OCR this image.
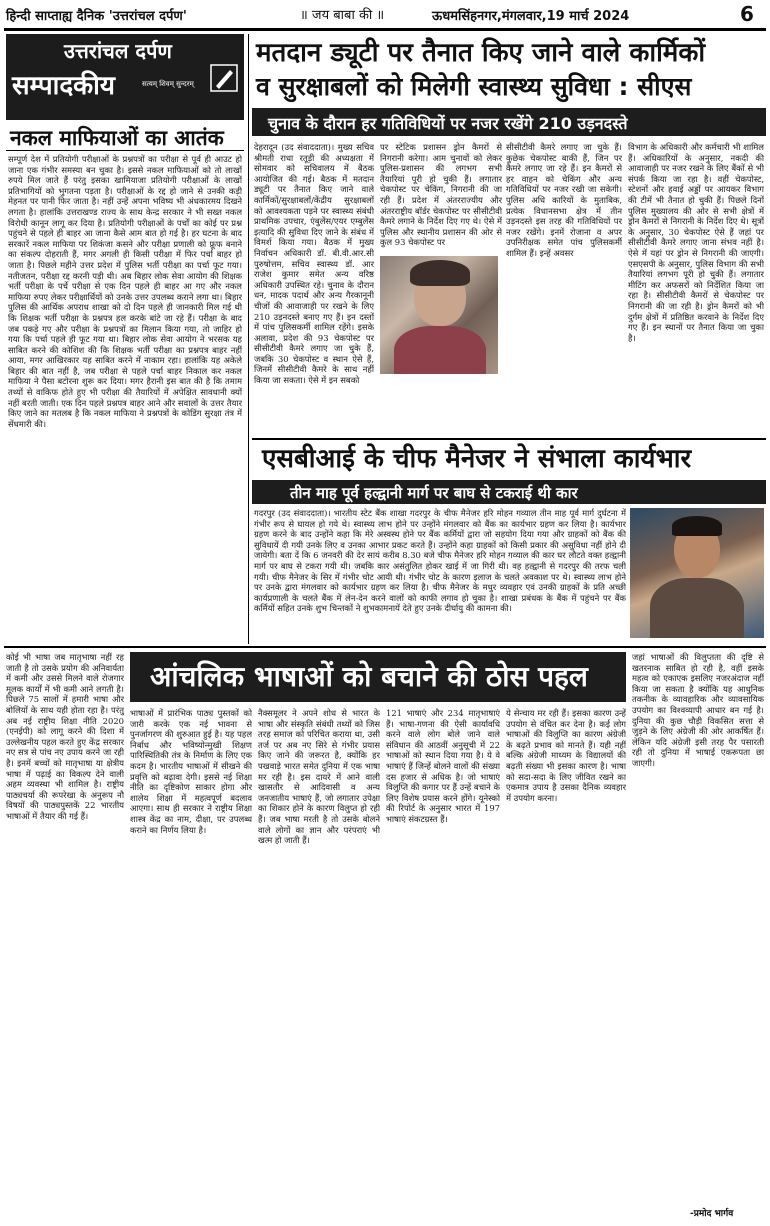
हिन्दी साप्ताह्य दैनिक 'उत्तरांचल दर्पण'	॥ जय बाबा की ॥	ऊधमसिंहनगर,मंगलवार,19 मार्च 2024	6
उत्तरांचल दर्पण
सम्पादकीय	सत्यम् शिवम् सुन्दरम्
नकल माफियाओं का आतंक
सम्पूर्ण देश में प्रतियोगी परीक्षाओं के प्रश्नपत्रों का परीक्षा से पूर्व ही आउट हो जाना एक गंभीर समस्या बन चुका है। इससे नकल माफियाओं को तो लाखों रुपये मिल जाते हैं परंतु इसका खामियाजा प्रतियोगी परीक्षाओं के लाखों प्रतिभागियों को भुगतना पड़ता है। परीक्षाओं के रद्द हो जाने से उनकी कड़ी मेहनत पर पानी फिर जाता है। नहीं उन्हें अपना भविष्य भी अंधकारमय दिखने लगता है। हालांकि उत्तराखण्ड राज्य के साथ केन्द्र सरकार ने भी सख्त नकल विरोधी कानून लागू कर दिया है। प्रतियोगी परीक्षाओं के पर्चों का कोई पर प्रश्न पहुंचने से पहले ही बाहर आ जाना कैसे आम बात हो गई है। हर घटना के बाद सरकारें नकल माफिया पर शिकंजा कसने और परीक्षा प्रणाली को फ्रूफ बनाने का संकल्प दोहराती हैं, मगर अगली ही किसी परीक्षा में फिर पर्चा बाहर हो जाता है। पिछले महीने उत्तर प्रदेश में पुलिस भर्ती परीक्षा का पर्चा फूट गया। नतीजतन, परीक्षा रद्द करनी पड़ी थी। अब बिहार लोक सेवा आयोग की शिक्षक भर्ती परीक्षा के पर्चे परीक्षा से एक दिन पहले ही बाहर आ गए और नकल माफिया रुपए लेकर परीक्षार्थियों को उनके उत्तर उपलब्ध कराने लगा था। बिहार पुलिस की आर्थिक अपराध शाखा को दो दिन पहले ही जानकारी मिल गई थी कि शिक्षक भर्ती परीक्षा के प्रश्नपत्र हल करके बांटे जा रहे हैं। परीक्षा के बाद जब पकड़े गए और परीक्षा के प्रश्नपत्रों का मिलान किया गया, तो जाहिर हो गया कि पर्चा पहले ही फूट गया था। बिहार लोक सेवा आयोग ने भरसक यह साबित करने की कोशिश की कि शिक्षक भर्ती परीक्षा का प्रश्नपत्र बाहर नहीं आया, मगर आखिरकार यह साबित करने में नाकाम रहा। हालांकि यह अकेले बिहार की बात नहीं है, जब परीक्षा से पहले पर्चा बाहर निकाल कर नकल माफिया ने पैसा बटोरना शुरू कर दिया। मगर हैरानी इस बात की है कि तमाम तथ्यों से वाकिफ होते हुए भी परीक्षा की तैयारियों में अपेक्षित सावधानी क्यों नहीं बरती जाती। एक दिन पहले प्रश्नपत्र बाहर आने और सवालों के उत्तर तैयार किए जाने का मतलब है कि नकल माफिया ने प्रश्नपत्रों के कोडिंग सुरक्षा तंत्र में सेंधमारी की।
मतदान ड्यूटी पर तैनात किए जाने वाले कार्मिकों
व सुरक्षाबलों को मिलेगी स्वास्थ्य सुविधा : सीएस
चुनाव के दौरान हर गतिविधियों पर नजर रखेंगे 210 उड़नदस्ते
देहरादून (उद संवाददाता)। मुख्य सचिव श्रीमती राधा रतूड़ी की अध्यक्षता में सोमवार को सचिवालय में बैठक आयोजित की गई। बैठक में मतदान ड्यूटी पर तैनात किए जाने वाले कार्मिकों/सुरक्षाबलों/केंद्रीय सुरक्षाबलों को आवश्यकता पड़ने पर स्वास्थ्य संबंधी प्राथमिक उपचार, एंबुलेंस/एयर एम्बुलेंस इत्यादि की सुविधा दिए जाने के संबंध में विमर्श किया गया। बैठक में मुख्य निर्वाचन अधिकारी डॉ. बी.वी.आर.सी पुरुषोत्तम, सचिव स्वास्थ्य डॉ. आर राजेश कुमार समेत अन्य वरिष्ठ अधिकारी उपस्थित रहे। चुनाव के दौरान धन, मादक पदार्थ और अन्य गैरकानूनी चीजों की आवाजाही पर रखने के लिए 210 उड़नदस्ते बनाए गए हैं। इन दस्तों में पांच पुलिसकर्मी शामिल रहेंगे। इसके अलावा, प्रदेश की 93 चेकपोस्ट पर सीसीटीवी कैमरे लगाए जा चुके हैं, जबकि 30 चेकपोस्ट व स्थान ऐसे हैं, जिनमें सीसीटीवी कैमरे के साथ नहीं किया जा सकता। ऐसे में इन सबको
पर स्टेटिक प्रशासन ड्रोन कैमरों से निगरानी करेगा। आम चुनावों को लेकर पुलिस-प्रशासन की लगभग सभी तैयारियां पूरी हो चुकी हैं। लगातार चेकपोस्ट पर चेकिंग, निगरानी की जा रही हैं। प्रदेश में अंतरराज्यीय और अंतरराष्ट्रीय बॉर्डर चेकपोस्ट पर सीसीटीवी कैमरे लगाने के निर्देश दिए गए थे। ऐसे में पुलिस और स्थानीय प्रशासन की ओर से कुल 93 चेकपोस्ट पर
सीसीटीवी कैमरे लगाए जा चुके हैं। कुछेक चेकपोस्ट बाकी हैं, जिन पर कैमरे लगाए जा रहे हैं। इन कैमरों से हर वाहन को चेकिंग और अन्य गतिविधियों पर नजर रखी जा सकेगी। पुलिस अधि कारियों के मुताबिक, प्रत्येक विधानसभा क्षेत्र में तीन उड़नदस्ते इस तरह की गतिविधियों पर नजर रखेंगे। इनमें रोजाना व अपर उपनिरीक्षक समेत पांच पुलिसकर्मी शामिल हैं। इन्हें अवसर
विभाग के अधिकारी और कर्मचारी भी शामिल हैं। अधिकारियों के अनुसार, नकदी की आवाजाही पर नजर रखने के लिए बैंकों से भी संपर्क किया जा रहा है। वहीं चेकपोस्ट, स्टेशनों और हवाई अड्डों पर आयकर विभाग की टीमें भी तैनात हो चुकी हैं। पिछले दिनों पुलिस मुख्यालय की ओर से सभी क्षेत्रों में ड्रोन कैमरों से निगरानी के निर्देश दिए थे। सूत्रों के अनुसार, 30 चेकपोस्ट ऐसे हैं जहां पर सीसीटीवी कैमरे लगाए जाना संभव नहीं है। ऐसे में यहां पर ड्रोन से निगरानी की जाएगी। एसएसपी के अनुसार, पुलिस विभाग की सभी तैयारियां लगभग पूरी हो चुकी हैं। लगातार मीटिंग कर अफसरों को निर्देशित किया जा रहा है। सीसीटीवी कैमरों से चेकपोस्ट पर निगरानी की जा रही है। ड्रोन कैमरों को भी दुर्गम क्षेत्रों में प्रतिष्ठित करवाने के निर्देश दिए गए हैं। इन स्थानों पर तैनात किया जा चुका है।
एसबीआई के चीफ मैनेजर ने संभाला कार्यभार
तीन माह पूर्व हल्द्वानी मार्ग पर बाघ से टकराई थी कार
गदरपुर (उद संवाददाता)। भारतीय स्टेट बैंक शाखा गदरपुर के चीफ मैनेजर हरि मोहन गव्याल तीन माह पूर्व मार्ग दुर्घटना में गंभीर रूप से घायल हो गये थे। स्वास्थ्य लाभ होने पर उन्होंने मंगलवार को बैंक का कार्यभार ग्रहण कर लिया है। कार्यभार ग्रहण करने के बाद उन्होंने कहा कि मेरे अस्वस्थ होने पर बैंक कर्मियों द्वारा जो सहयोग दिया गया और ग्राहकों को बैंक की सुविधायें दी गयी उनके लिए व उनका आभार प्रकट करते हैं। उन्होंने कहा ग्राहकों को किसी प्रकार की असुविधा नहीं होने दी जायेगी। बता दें कि 6 जनवरी की देर सायं करीब 8.30 बजे चीफ मैनेजर हरि मोहन गव्याल की कार घर लौटते वक्त हल्द्वानी मार्ग पर बाघ से टकरा गयी थी। जबकि कार असंतुलित होकर खाई में जा गिरी थी। वह हल्द्वानी से गदरपुर की तरफ चली गयी। चीफ मैनेजर के सिर में गंभीर चोट आयी थी। गंभीर चोट के कारण इलाज के चलते अवकाश पर थे। स्वास्थ्य लाभ होने पर उनके द्वारा मंगलवार को कार्यभार ग्रहण कर लिया है। चीफ मैनेजर के मधुर व्यवहार एवं उनकी ग्राहकों के प्रति अच्छी कार्यप्रणाली के चलते बैंक में लेन-देन करने वालों को काफी लगाव हो चुका है। शाखा प्रबंधक के बैंक में पहुंचने पर बैंक कर्मियों सहित उनके शुभ चिन्तकों ने शुभकामनायें देते हुए उनके दीर्घायु की कामना की।
कोई भी भाषा जब मातृभाषा नहीं रह जाती है तो उसके प्रयोग की अनिवार्यता में कमी और उससे मिलने वाले रोजगार मूलक कार्यों में भी कमी आने लगती है। पिछले 75 सालों में हमारी भाषा और बोलियों के साथ यही होता रहा है। परंतु अब नई राष्ट्रीय शिक्षा नीति 2020 (एनईपी) को लागू करने की दिशा में उल्लेखनीय पहल करते हुए केंद्र सरकार नए सत्र से पांच नए उपाय करने जा रही है। इनमें बच्चों को मातृभाषा या क्षेत्रीय भाषा में पढ़ाई का विकल्प देने वाली अहम व्यवस्था भी शामिल है। राष्ट्रीय पाठ्यचर्या की रूपरेखा के अनुरूप नौ विषयों की पाठ्यपुस्तकें 22 भारतीय भाषाओं में तैयार की गई हैं।
आंचलिक भाषाओं को बचाने की ठोस पहल
भाषाओं में प्रारंभिक पाठ्य पुस्तकों को जारी करके एक नई भावना से पुनर्जागरण की शुरुआत हुई है। यह पहल निर्बाध और भविष्योन्मुखी शिक्षण पारिस्थितिकी तंत्र के निर्माण के लिए एक कदम है। भारतीय भाषाओं में सीखने की प्रवृत्ति को बढ़ावा देगी। इससे नई शिक्षा नीति का दृष्टिकोण साकार होगा और शालेय शिक्षा में महत्वपूर्ण बदलाव आएगा। साथ ही सरकार ने राष्ट्रीय शिक्षा शास्त्र केंद्र का नाम, दीक्षा, पर उपलब्ध कराने का निर्णय लिया है।
नैक्समूलर ने अपने शोध से भारत के भाषा और संस्कृति संबंधी तथ्यों को जिस तरह समाज को परिचित कराया था, उसी तर्ज पर अब नए सिरे से गंभीर प्रयास किए जाने की जरूरत है, क्योंकि हर पखवाड़े भारत समेत दुनिया में एक भाषा मर रही है। इस दायरे में आने वाली खासतौर से आदिवासी व अन्य जनजातीय भाषाएं हैं, जो लगातार उपेक्षा का शिकार होने के कारण विलुप्त हो रही हैं। जब भाषा मरती है तो उसके बोलने वाले लोगों का ज्ञान और परंपराएं भी खत्म हो जाती हैं।
121 भाषाएं और 234 मातृभाषाएं हैं। भाषा-गणना की ऐसी कार्यावधि करने वाले लोग बोले जाने वाले संविधान की आठवीं अनुसूची में 22 भाषाओं को स्थान दिया गया है। ये वे भाषाएं हैं जिन्हें बोलने वालों की संख्या दस हजार से अधिक है। जो भाषाएं विलुप्ति की कगार पर हैं उन्हें बचाने के लिए विशेष प्रयास करने होंगे। यूनेस्को की रिपोर्ट के अनुसार भारत में 197 भाषाएं संकटग्रस्त हैं।
ये सेन्चाय मर रही हैं। इसका कारण उन्हें उपयोग से वंचित कर देना है। कई लोग भाषाओं की विलुप्ति का कारण अंग्रेजी के बढ़ते प्रभाव को मानते हैं। यही नहीं बल्कि अंग्रेजी माध्यम के विद्यालयों की बढ़ती संख्या भी इसका कारण है। भाषा को सदा-सदा के लिए जीवित रखने का एकमात्र उपाय है उसका दैनिक व्यवहार में उपयोग करना।
जहां भाषाओं की विलुप्तता की दृष्टि से खतरनाक साबित हो रही है, वहीं इसके महत्व को एकाएक इसलिए नजरअंदाज नहीं किया जा सकता है क्योंकि यह आधुनिक तकनीक के व्यावहारिक और व्यावसायिक उपयोग का विश्वव्यापी आधार बन गई है। दुनिया की कुछ चौड़ी विकसित सत्ता से जुड़ने के लिए अंग्रेजी की ओर आकर्षित हैं। लेकिन यदि अंग्रेजी इसी तरह पैर पसारती रही तो दुनिया में भाषाई एकरूपता छा जाएगी।
-प्रमोद भार्गव
